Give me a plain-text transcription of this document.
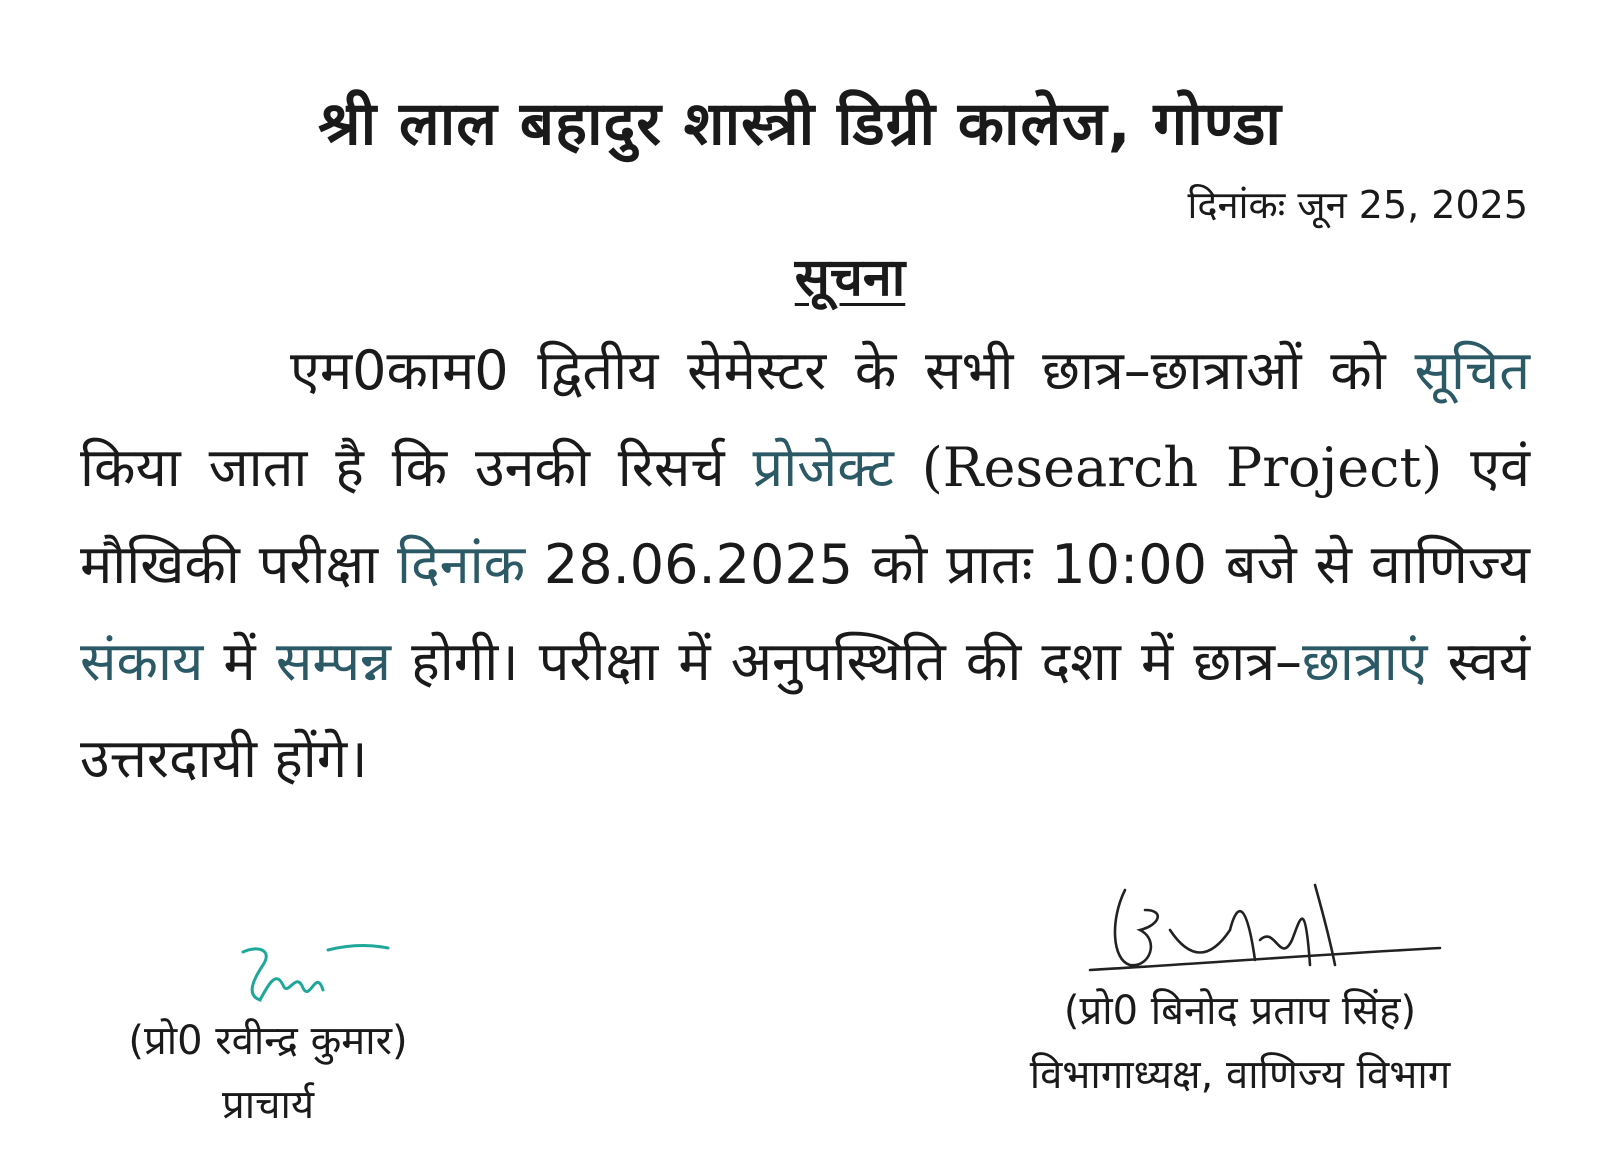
श्री लाल बहादुर शास्त्री डिग्री कालेज, गोण्डा
दिनांकः जून 25, 2025
सूचना
एम0काम0 द्वितीय सेमेस्टर के सभी छात्र–छात्राओं को सूचित किया जाता है कि उनकी रिसर्च प्रोजेक्ट (Research Project) एवं मौखिकी परीक्षा दिनांक 28.06.2025 को प्रातः 10:00 बजे से वाणिज्य संकाय में सम्पन्न होगी। परीक्षा में अनुपस्थिति की दशा में छात्र–छात्राएं स्वयं उत्तरदायी होंगे।
(प्रो0 रवीन्द्र कुमार)
प्राचार्य
(प्रो0 बिनोद प्रताप सिंह)
विभागाध्यक्ष, वाणिज्य विभाग
